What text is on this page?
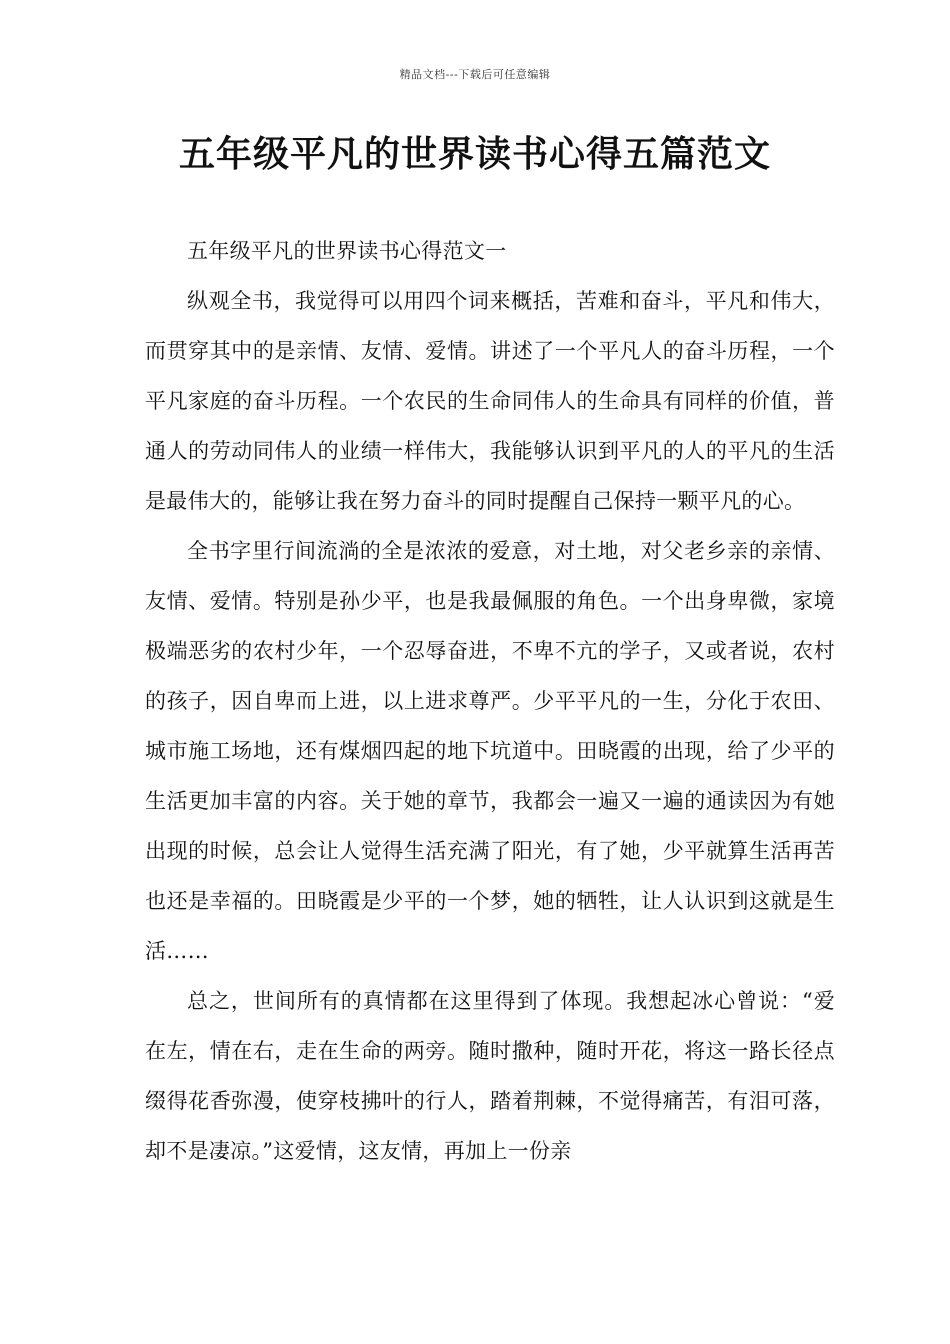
精品文档---下载后可任意编辑
五年级平凡的世界读书心得五篇范文

五年级平凡的世界读书心得范文一

纵观全书，我觉得可以用四个词来概括，苦难和奋斗，平凡和伟大，而贯穿其中的是亲情、友情、爱情。讲述了一个平凡人的奋斗历程，一个平凡家庭的奋斗历程。一个农民的生命同伟人的生命具有同样的价值，普通人的劳动同伟人的业绩一样伟大，我能够认识到平凡的人的平凡的生活是最伟大的，能够让我在努力奋斗的同时提醒自己保持一颗平凡的心。

全书字里行间流淌的全是浓浓的爱意，对土地，对父老乡亲的亲情、友情、爱情。特别是孙少平，也是我最佩服的角色。一个出身卑微，家境极端恶劣的农村少年，一个忍辱奋进，不卑不亢的学子，又或者说，农村的孩子，因自卑而上进，以上进求尊严。少平平凡的一生，分化于农田、城市施工场地，还有煤烟四起的地下坑道中。田晓霞的出现，给了少平的生活更加丰富的内容。关于她的章节，我都会一遍又一遍的通读因为有她出现的时候，总会让人觉得生活充满了阳光，有了她，少平就算生活再苦也还是幸福的。田晓霞是少平的一个梦，她的牺牲，让人认识到这就是生活……

总之，世间所有的真情都在这里得到了体现。我想起冰心曾说：“爱在左，情在右，走在生命的两旁。随时撒种，随时开花，将这一路长径点缀得花香弥漫，使穿枝拂叶的行人，踏着荆棘，不觉得痛苦，有泪可落，却不是凄凉。”这爱情，这友情，再加上一份亲
